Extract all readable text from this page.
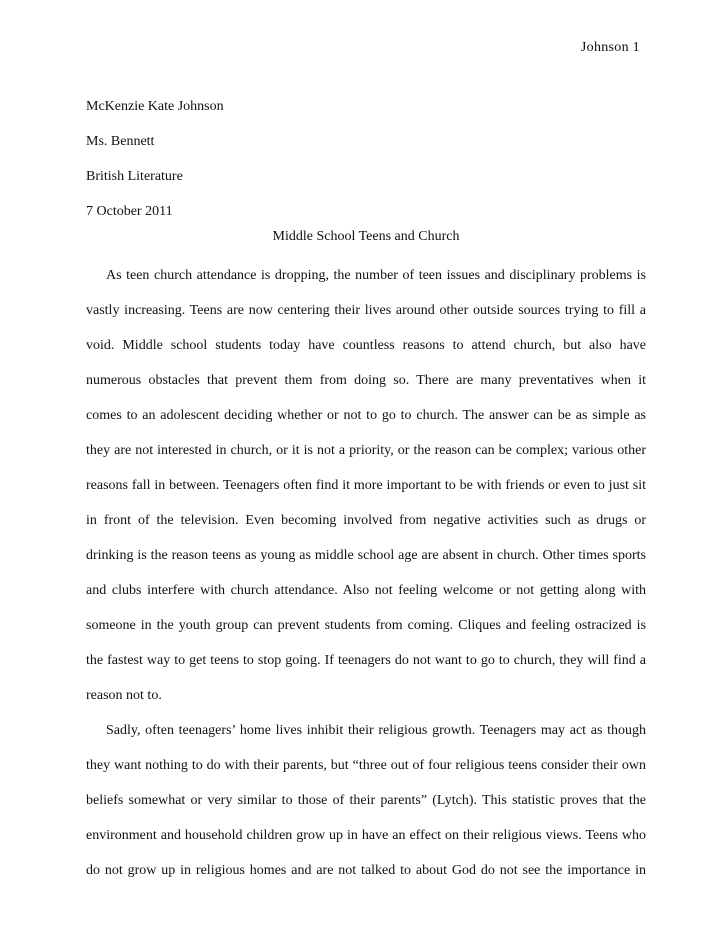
Johnson 1
McKenzie Kate Johnson
Ms. Bennett
British Literature
7 October 2011
Middle School Teens and Church
As teen church attendance is dropping, the number of teen issues and disciplinary problems is
vastly increasing. Teens are now centering their lives around other outside sources trying to fill a
void. Middle school students today have countless reasons to attend church, but also have
numerous obstacles that prevent them from doing so. There are many preventatives when it
comes to an adolescent deciding whether or not to go to church. The answer can be as simple as
they are not interested in church, or it is not a priority, or the reason can be complex; various other
reasons fall in between. Teenagers often find it more important to be with friends or even to just sit
in front of the television. Even becoming involved from negative activities such as drugs or
drinking is the reason teens as young as middle school age are absent in church. Other times sports
and clubs interfere with church attendance. Also not feeling welcome or not getting along with
someone in the youth group can prevent students from coming. Cliques and feeling ostracized is
the fastest way to get teens to stop going. If teenagers do not want to go to church, they will find a
reason not to.
Sadly, often teenagers’ home lives inhibit their religious growth. Teenagers may act as though
they want nothing to do with their parents, but “three out of four religious teens consider their own
beliefs somewhat or very similar to those of their parents” (Lytch). This statistic proves that the
environment and household children grow up in have an effect on their religious views. Teens who
do not grow up in religious homes and are not talked to about God do not see the importance in
